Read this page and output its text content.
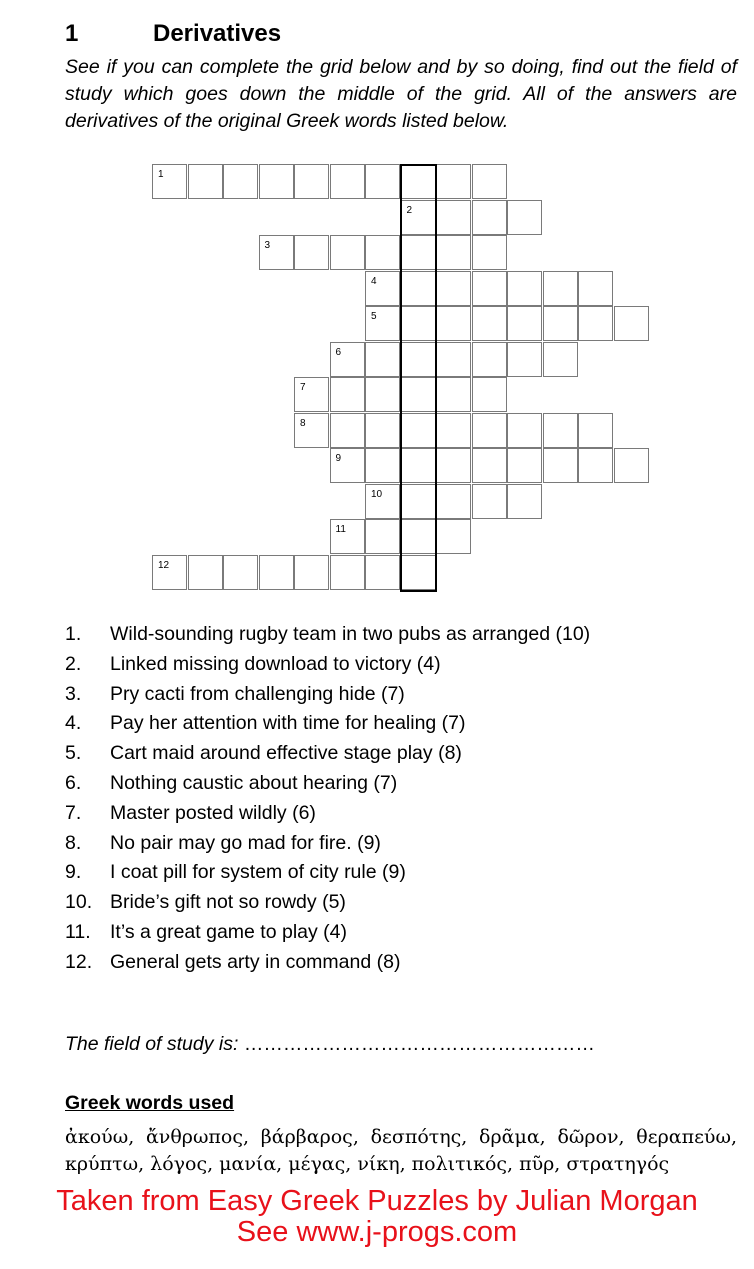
1	Derivatives
See if you can complete the grid below and by so doing, find out the field of study which goes down the middle of the grid. All of the answers are derivatives of the original Greek words listed below.
1
2
3
4
5
6
7
8
9
10
11
12
1. Wild-sounding rugby team in two pubs as arranged (10)
2. Linked missing download to victory (4)
3. Pry cacti from challenging hide (7)
4. Pay her attention with time for healing (7)
5. Cart maid around effective stage play (8)
6. Nothing caustic about hearing (7)
7. Master posted wildly (6)
8. No pair may go mad for fire. (9)
9. I coat pill for system of city rule (9)
10. Bride’s gift not so rowdy (5)
11. It’s a great game to play (4)
12. General gets arty in command (8)
The field of study is: ………………………………………………
Greek words used
ἀκούω, ἄνθρωπος, βάρβαρος, δεσπότης, δρᾶμα, δῶρον, θεραπεύω, κρύπτω, λόγος, μανία, μέγας, νίκη, πολιτικός, πῦρ, στρατηγός
Taken from Easy Greek Puzzles by Julian Morgan
See www.j-progs.com
